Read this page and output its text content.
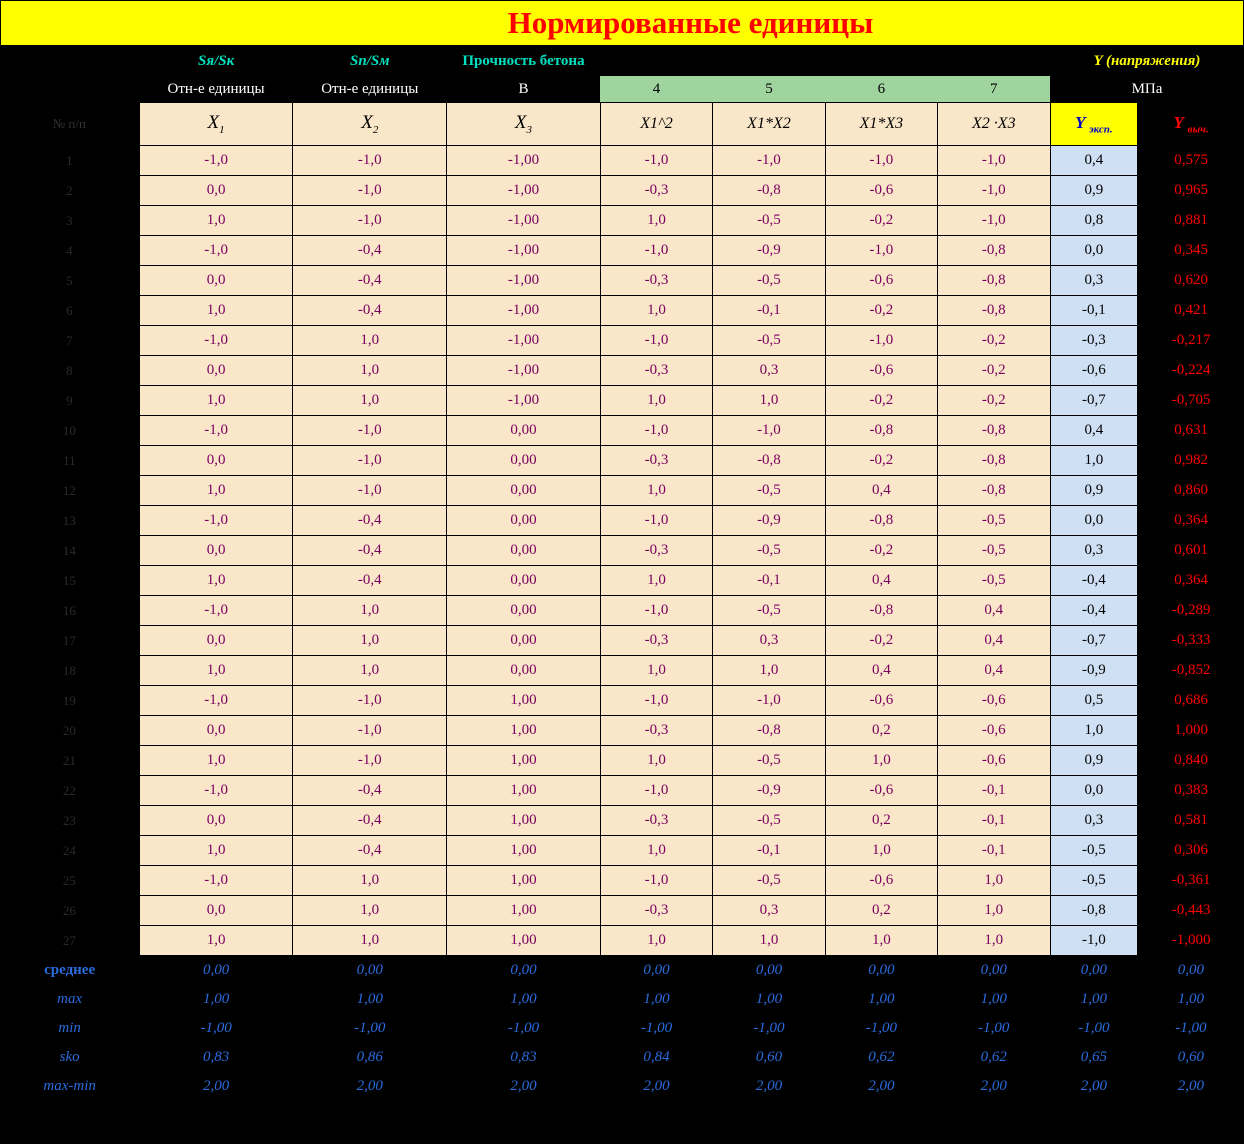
Нормированные единицы
	Sя/Sк	Sп/Sм	Прочность бетона					Y (напряжения)	
	Отн-е единицы	Отн-е единицы	В	4	5	6	7	МПа	
№ п/п	$X_1$	$X_2$	$X_3$	X1^2	X1*X2	X1*X3	X2 ·X3	Y $_{эксп.}$	Y $_{выч.}$
1	-1,0	-1,0	-1,00	-1,0	-1,0	-1,0	-1,0	0,4	0,575
2	0,0	-1,0	-1,00	-0,3	-0,8	-0,6	-1,0	0,9	0,965
3	1,0	-1,0	-1,00	1,0	-0,5	-0,2	-1,0	0,8	0,881
4	-1,0	-0,4	-1,00	-1,0	-0,9	-1,0	-0,8	0,0	0,345
5	0,0	-0,4	-1,00	-0,3	-0,5	-0,6	-0,8	0,3	0,620
6	1,0	-0,4	-1,00	1,0	-0,1	-0,2	-0,8	-0,1	0,421
7	-1,0	1,0	-1,00	-1,0	-0,5	-1,0	-0,2	-0,3	-0,217
8	0,0	1,0	-1,00	-0,3	0,3	-0,6	-0,2	-0,6	-0,224
9	1,0	1,0	-1,00	1,0	1,0	-0,2	-0,2	-0,7	-0,705
10	-1,0	-1,0	0,00	-1,0	-1,0	-0,8	-0,8	0,4	0,631
11	0,0	-1,0	0,00	-0,3	-0,8	-0,2	-0,8	1,0	0,982
12	1,0	-1,0	0,00	1,0	-0,5	0,4	-0,8	0,9	0,860
13	-1,0	-0,4	0,00	-1,0	-0,9	-0,8	-0,5	0,0	0,364
14	0,0	-0,4	0,00	-0,3	-0,5	-0,2	-0,5	0,3	0,601
15	1,0	-0,4	0,00	1,0	-0,1	0,4	-0,5	-0,4	0,364
16	-1,0	1,0	0,00	-1,0	-0,5	-0,8	0,4	-0,4	-0,289
17	0,0	1,0	0,00	-0,3	0,3	-0,2	0,4	-0,7	-0,333
18	1,0	1,0	0,00	1,0	1,0	0,4	0,4	-0,9	-0,852
19	-1,0	-1,0	1,00	-1,0	-1,0	-0,6	-0,6	0,5	0,686
20	0,0	-1,0	1,00	-0,3	-0,8	0,2	-0,6	1,0	1,000
21	1,0	-1,0	1,00	1,0	-0,5	1,0	-0,6	0,9	0,840
22	-1,0	-0,4	1,00	-1,0	-0,9	-0,6	-0,1	0,0	0,383
23	0,0	-0,4	1,00	-0,3	-0,5	0,2	-0,1	0,3	0,581
24	1,0	-0,4	1,00	1,0	-0,1	1,0	-0,1	-0,5	0,306
25	-1,0	1,0	1,00	-1,0	-0,5	-0,6	1,0	-0,5	-0,361
26	0,0	1,0	1,00	-0,3	0,3	0,2	1,0	-0,8	-0,443
27	1,0	1,0	1,00	1,0	1,0	1,0	1,0	-1,0	-1,000
среднее	0,00	0,00	0,00	0,00	0,00	0,00	0,00	0,00	0,00
max	1,00	1,00	1,00	1,00	1,00	1,00	1,00	1,00	1,00
min	-1,00	-1,00	-1,00	-1,00	-1,00	-1,00	-1,00	-1,00	-1,00
sko	0,83	0,86	0,83	0,84	0,60	0,62	0,62	0,65	0,60
max-min	2,00	2,00	2,00	2,00	2,00	2,00	2,00	2,00	2,00
